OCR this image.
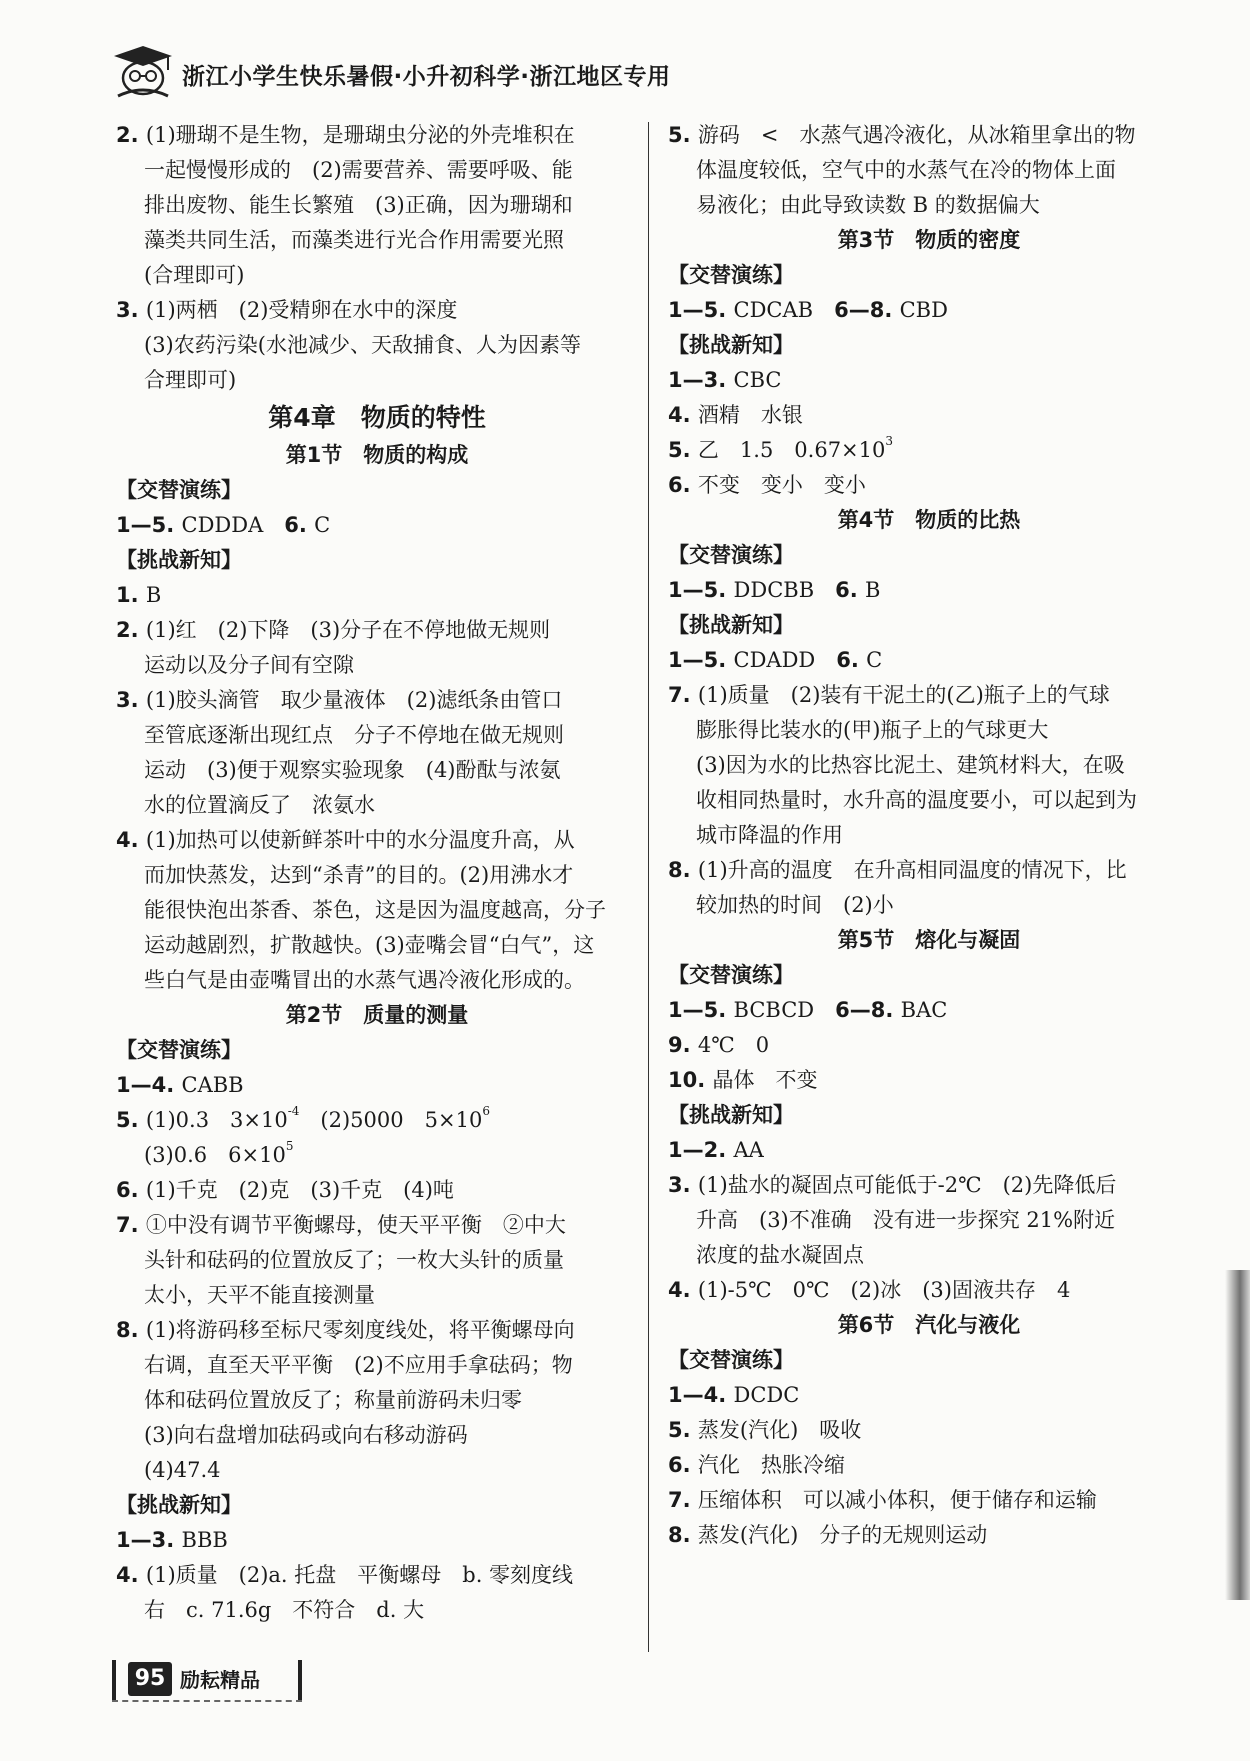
浙江小学生快乐暑假·小升初科学·浙江地区专用
2. (1)珊瑚不是生物，是珊瑚虫分泌的外壳堆积在
一起慢慢形成的　(2)需要营养、需要呼吸、能
排出废物、能生长繁殖　(3)正确，因为珊瑚和
藻类共同生活，而藻类进行光合作用需要光照
(合理即可)
3. (1)两栖　(2)受精卵在水中的深度
(3)农药污染(水池减少、天敌捕食、人为因素等
合理即可)
第4章　物质的特性
第1节　物质的构成
【交替演练】
1—5. CDDDA　6. C
【挑战新知】
1. B
2. (1)红　(2)下降　(3)分子在不停地做无规则
运动以及分子间有空隙
3. (1)胶头滴管　取少量液体　(2)滤纸条由管口
至管底逐渐出现红点　分子不停地在做无规则
运动　(3)便于观察实验现象　(4)酚酞与浓氨
水的位置滴反了　浓氨水
4. (1)加热可以使新鲜茶叶中的水分温度升高，从
而加快蒸发，达到“杀青”的目的。(2)用沸水才
能很快泡出茶香、茶色，这是因为温度越高，分子
运动越剧烈，扩散越快。(3)壶嘴会冒“白气”，这
些白气是由壶嘴冒出的水蒸气遇冷液化形成的。
第2节　质量的测量
【交替演练】
1—4. CABB
5. (1)0.3　$3\times 10^{-4}$　(2)5000　$5\times 10^6$
(3)0.6　$6\times 10^5$
6. (1)千克　(2)克　(3)千克　(4)吨
7. ①中没有调节平衡螺母，使天平平衡　②中大
头针和砝码的位置放反了；一枚大头针的质量
太小，天平不能直接测量
8. (1)将游码移至标尺零刻度线处，将平衡螺母向
右调，直至天平平衡　(2)不应用手拿砝码；物
体和砝码位置放反了；称量前游码未归零
(3)向右盘增加砝码或向右移动游码
(4)47.4
【挑战新知】
1—3. BBB
4. (1)质量　(2)a. 托盘　平衡螺母　b. 零刻度线
右　c. 71.6g　不符合　d. 大
5. 游码　<　水蒸气遇冷液化，从冰箱里拿出的物
体温度较低，空气中的水蒸气在冷的物体上面
易液化；由此导致读数 B 的数据偏大
第3节　物质的密度
【交替演练】
1—5. CDCAB　6—8. CBD
【挑战新知】
1—3. CBC
4. 酒精　水银
5. 乙　1.5　$0.67\times 10^3$
6. 不变　变小　变小
第4节　物质的比热
【交替演练】
1—5. DDCBB　6. B
【挑战新知】
1—5. CDADD　6. C
7. (1)质量　(2)装有干泥土的(乙)瓶子上的气球
膨胀得比装水的(甲)瓶子上的气球更大
(3)因为水的比热容比泥土、建筑材料大，在吸
收相同热量时，水升高的温度要小，可以起到为
城市降温的作用
8. (1)升高的温度　在升高相同温度的情况下，比
较加热的时间　(2)小
第5节　熔化与凝固
【交替演练】
1—5. BCBCD　6—8. BAC
9. 4℃　0
10. 晶体　不变
【挑战新知】
1—2. AA
3. (1)盐水的凝固点可能低于-2℃　(2)先降低后
升高　(3)不准确　没有进一步探究 21%附近
浓度的盐水凝固点
4. (1)-5℃　0℃　(2)冰　(3)固液共存　4
第6节　汽化与液化
【交替演练】
1—4. DCDC
5. 蒸发(汽化)　吸收
6. 汽化　热胀冷缩
7. 压缩体积　可以减小体积，便于储存和运输
8. 蒸发(汽化)　分子的无规则运动
95 励耘精品
